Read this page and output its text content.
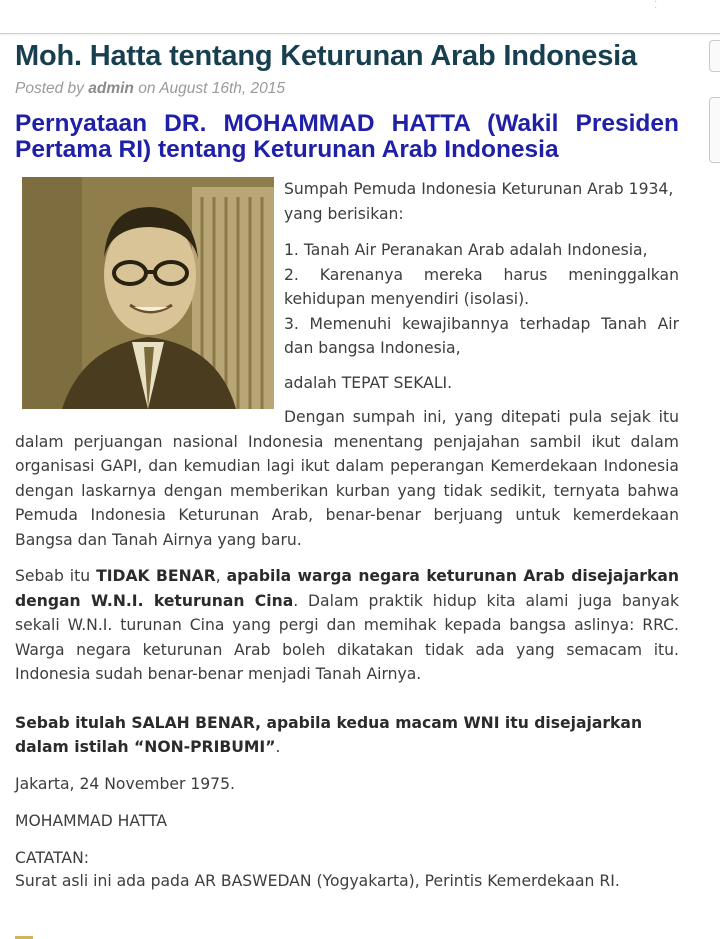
· ·
Moh. Hatta tentang Keturunan Arab Indonesia
Posted by admin on August 16th, 2015
Pernyataan DR. MOHAMMAD HATTA (Wakil Presiden Pertama RI) tentang Keturunan Arab Indonesia

Sumpah Pemuda Indonesia Keturunan Arab 1934, yang berisikan:

1. Tanah Air Peranakan Arab adalah Indonesia,
2. Karenanya mereka harus meninggalkan kehidupan menyendiri (isolasi).
3. Memenuhi kewajibannya terhadap Tanah Air dan bangsa Indonesia,

adalah TEPAT SEKALI.

Dengan sumpah ini, yang ditepati pula sejak itu dalam perjuangan nasional Indonesia menentang penjajahan sambil ikut dalam organisasi GAPI, dan kemudian lagi ikut dalam peperangan Kemerdekaan Indonesia dengan laskarnya dengan memberikan kurban yang tidak sedikit, ternyata bahwa Pemuda Indonesia Keturunan Arab, benar-benar berjuang untuk kemerdekaan Bangsa dan Tanah Airnya yang baru.

Sebab itu TIDAK BENAR, apabila warga negara keturunan Arab disejajarkan dengan W.N.I. keturunan Cina. Dalam praktik hidup kita alami juga banyak sekali W.N.I. turunan Cina yang pergi dan memihak kepada bangsa aslinya: RRC. Warga negara keturunan Arab boleh dikatakan tidak ada yang semacam itu. Indonesia sudah benar-benar menjadi Tanah Airnya.

Sebab itulah SALAH BENAR, apabila kedua macam WNI itu disejajarkan dalam istilah “NON-PRIBUMI”.

Jakarta, 24 November 1975.

MOHAMMAD HATTA

CATATAN:
Surat asli ini ada pada AR BASWEDAN (Yogyakarta), Perintis Kemerdekaan RI.
